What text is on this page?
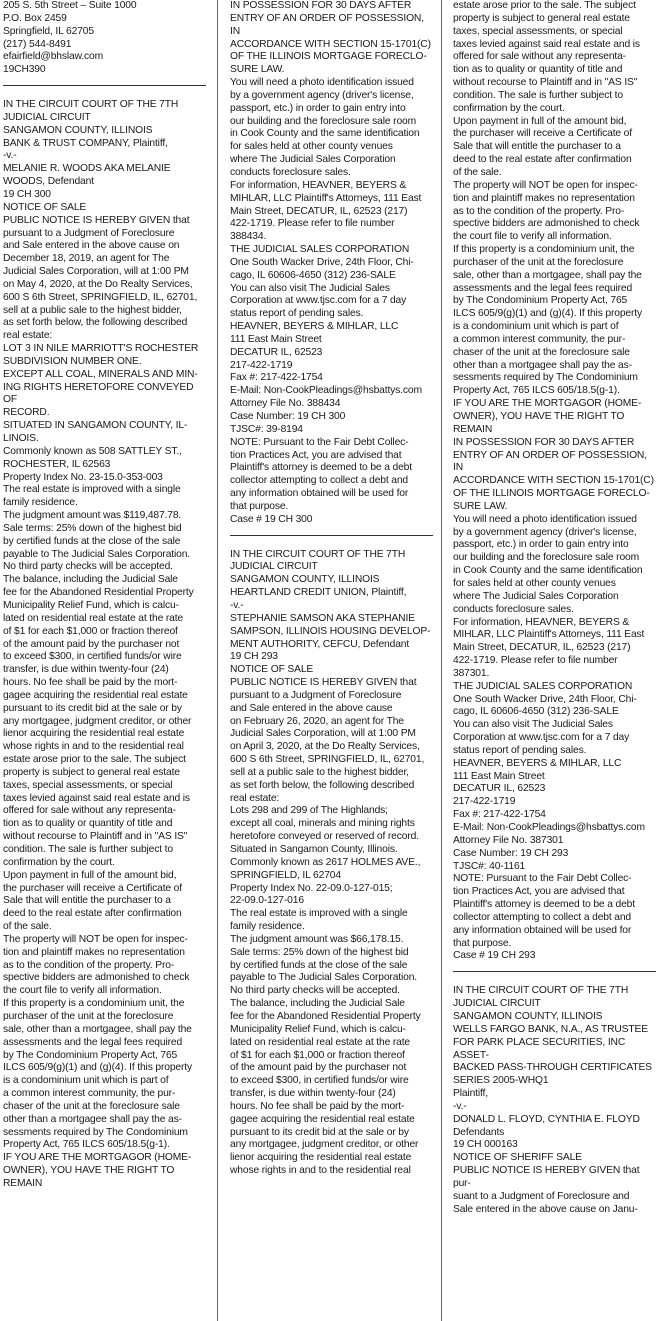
205 S. 5th Street – Suite 1000

P.O. Box 2459

Springfield, IL 62705

(217) 544-8491

efairfield@bhslaw.com

19CH390

IN THE CIRCUIT COURT OF THE 7TH

JUDICIAL CIRCUIT

SANGAMON COUNTY, ILLINOIS

BANK & TRUST COMPANY, Plaintiff,

-v.-

MELANIE R. WOODS AKA MELANIE

WOODS, Defendant

19 CH 300

NOTICE OF SALE

PUBLIC NOTICE IS HEREBY GIVEN that

pursuant to a Judgment of Foreclosure

and Sale entered in the above cause on

December 18, 2019, an agent for The

Judicial Sales Corporation, will at 1:00 PM

on May 4, 2020, at the Do Realty Services,

600 S 6th Street, SPRINGFIELD, IL, 62701,

sell at a public sale to the highest bidder,

as set forth below, the following described

real estate:

LOT 3 IN NILE MARRIOTT'S ROCHESTER

SUBDIVISION NUMBER ONE.

EXCEPT ALL COAL, MINERALS AND MIN-

ING RIGHTS HERETOFORE CONVEYED OF

RECORD.

SITUATED IN SANGAMON COUNTY, IL-

LINOIS.

Commonly known as 508 SATTLEY ST.,

ROCHESTER, IL 62563

Property Index No. 23-15.0-353-003

The real estate is improved with a single

family residence.

The judgment amount was $119,487.78.

Sale terms: 25% down of the highest bid

by certified funds at the close of the sale

payable to The Judicial Sales Corporation.

No third party checks will be accepted.

The balance, including the Judicial Sale

fee for the Abandoned Residential Property

Municipality Relief Fund, which is calcu-

lated on residential real estate at the rate

of $1 for each $1,000 or fraction thereof

of the amount paid by the purchaser not

to exceed $300, in certified funds/or wire

transfer, is due within twenty-four (24)

hours. No fee shall be paid by the mort-

gagee acquiring the residential real estate

pursuant to its credit bid at the sale or by

any mortgagee, judgment creditor, or other

lienor acquiring the residential real estate

whose rights in and to the residential real

estate arose prior to the sale. The subject

property is subject to general real estate

taxes, special assessments, or special

taxes levied against said real estate and is

offered for sale without any representa-

tion as to quality or quantity of title and

without recourse to Plaintiff and in "AS IS"

condition. The sale is further subject to

confirmation by the court.

Upon payment in full of the amount bid,

the purchaser will receive a Certificate of

Sale that will entitle the purchaser to a

deed to the real estate after confirmation

of the sale.

The property will NOT be open for inspec-

tion and plaintiff makes no representation

as to the condition of the property. Pro-

spective bidders are admonished to check

the court file to verify all information.

If this property is a condominium unit, the

purchaser of the unit at the foreclosure

sale, other than a mortgagee, shall pay the

assessments and the legal fees required

by The Condominium Property Act, 765

ILCS 605/9(g)(1) and (g)(4). If this property

is a condominium unit which is part of

a common interest community, the pur-

chaser of the unit at the foreclosure sale

other than a mortgagee shall pay the as-

sessments required by The Condominium

Property Act, 765 ILCS 605/18.5(g-1).

IF YOU ARE THE MORTGAGOR (HOME-

OWNER), YOU HAVE THE RIGHT TO REMAIN

IN POSSESSION FOR 30 DAYS AFTER

ENTRY OF AN ORDER OF POSSESSION, IN

ACCORDANCE WITH SECTION 15-1701(C)

OF THE ILLINOIS MORTGAGE FORECLO-

SURE LAW.

You will need a photo identification issued

by a government agency (driver's license,

passport, etc.) in order to gain entry into

our building and the foreclosure sale room

in Cook County and the same identification

for sales held at other county venues

where The Judicial Sales Corporation

conducts foreclosure sales.

For information, HEAVNER, BEYERS &

MIHLAR, LLC Plaintiff's Attorneys, 111 East

Main Street, DECATUR, IL, 62523 (217)

422-1719. Please refer to file number

388434.

THE JUDICIAL SALES CORPORATION

One South Wacker Drive, 24th Floor, Chi-

cago, IL 60606-4650 (312) 236-SALE

You can also visit The Judicial Sales

Corporation at www.tjsc.com for a 7 day

status report of pending sales.

HEAVNER, BEYERS & MIHLAR, LLC

111 East Main Street

DECATUR IL, 62523

217-422-1719

Fax #: 217-422-1754

E-Mail: Non-CookPleadings@hsbattys.com

Attorney File No. 388434

Case Number: 19 CH 300

TJSC#: 39-8194

NOTE: Pursuant to the Fair Debt Collec-

tion Practices Act, you are advised that

Plaintiff's attorney is deemed to be a debt

collector attempting to collect a debt and

any information obtained will be used for

that purpose.

Case # 19 CH 300

IN THE CIRCUIT COURT OF THE 7TH

JUDICIAL CIRCUIT

SANGAMON COUNTY, ILLINOIS

HEARTLAND CREDIT UNION, Plaintiff,

-v.-

STEPHANIE SAMSON AKA STEPHANIE

SAMPSON, ILLINOIS HOUSING DEVELOP-

MENT AUTHORITY, CEFCU, Defendant

19 CH 293

NOTICE OF SALE

PUBLIC NOTICE IS HEREBY GIVEN that

pursuant to a Judgment of Foreclosure

and Sale entered in the above cause

on February 26, 2020, an agent for The

Judicial Sales Corporation, will at 1:00 PM

on April 3, 2020, at the Do Realty Services,

600 S 6th Street, SPRINGFIELD, IL, 62701,

sell at a public sale to the highest bidder,

as set forth below, the following described

real estate:

Lots 298 and 299 of The Highlands;

except all coal, minerals and mining rights

heretofore conveyed or reserved of record.

Situated in Sangamon County, Illinois.

Commonly known as 2617 HOLMES AVE.,

SPRINGFIELD, IL 62704

Property Index No. 22-09.0-127-015;

22-09.0-127-016

The real estate is improved with a single

family residence.

The judgment amount was $66,178.15.

Sale terms: 25% down of the highest bid

by certified funds at the close of the sale

payable to The Judicial Sales Corporation.

No third party checks will be accepted.

The balance, including the Judicial Sale

fee for the Abandoned Residential Property

Municipality Relief Fund, which is calcu-

lated on residential real estate at the rate

of $1 for each $1,000 or fraction thereof

of the amount paid by the purchaser not

to exceed $300, in certified funds/or wire

transfer, is due within twenty-four (24)

hours. No fee shall be paid by the mort-

gagee acquiring the residential real estate

pursuant to its credit bid at the sale or by

any mortgagee, judgment creditor, or other

lienor acquiring the residential real estate

whose rights in and to the residential real

estate arose prior to the sale. The subject

property is subject to general real estate

taxes, special assessments, or special

taxes levied against said real estate and is

offered for sale without any representa-

tion as to quality or quantity of title and

without recourse to Plaintiff and in "AS IS"

condition. The sale is further subject to

confirmation by the court.

Upon payment in full of the amount bid,

the purchaser will receive a Certificate of

Sale that will entitle the purchaser to a

deed to the real estate after confirmation

of the sale.

The property will NOT be open for inspec-

tion and plaintiff makes no representation

as to the condition of the property. Pro-

spective bidders are admonished to check

the court file to verify all information.

If this property is a condominium unit, the

purchaser of the unit at the foreclosure

sale, other than a mortgagee, shall pay the

assessments and the legal fees required

by The Condominium Property Act, 765

ILCS 605/9(g)(1) and (g)(4). If this property

is a condominium unit which is part of

a common interest community, the pur-

chaser of the unit at the foreclosure sale

other than a mortgagee shall pay the as-

sessments required by The Condominium

Property Act, 765 ILCS 605/18.5(g-1).

IF YOU ARE THE MORTGAGOR (HOME-

OWNER), YOU HAVE THE RIGHT TO REMAIN

IN POSSESSION FOR 30 DAYS AFTER

ENTRY OF AN ORDER OF POSSESSION, IN

ACCORDANCE WITH SECTION 15-1701(C)

OF THE ILLINOIS MORTGAGE FORECLO-

SURE LAW.

You will need a photo identification issued

by a government agency (driver's license,

passport, etc.) in order to gain entry into

our building and the foreclosure sale room

in Cook County and the same identification

for sales held at other county venues

where The Judicial Sales Corporation

conducts foreclosure sales.

For information, HEAVNER, BEYERS &

MIHLAR, LLC Plaintiff's Attorneys, 111 East

Main Street, DECATUR, IL, 62523 (217)

422-1719. Please refer to file number

387301.

THE JUDICIAL SALES CORPORATION

One South Wacker Drive, 24th Floor, Chi-

cago, IL 60606-4650 (312) 236-SALE

You can also visit The Judicial Sales

Corporation at www.tjsc.com for a 7 day

status report of pending sales.

HEAVNER, BEYERS & MIHLAR, LLC

111 East Main Street

DECATUR IL, 62523

217-422-1719

Fax #: 217-422-1754

E-Mail: Non-CookPleadings@hsbattys.com

Attorney File No. 387301

Case Number: 19 CH 293

TJSC#: 40-1161

NOTE: Pursuant to the Fair Debt Collec-

tion Practices Act, you are advised that

Plaintiff's attorney is deemed to be a debt

collector attempting to collect a debt and

any information obtained will be used for

that purpose.

Case # 19 CH 293

IN THE CIRCUIT COURT OF THE 7TH

JUDICIAL CIRCUIT

SANGAMON COUNTY, ILLINOIS

WELLS FARGO BANK, N.A., AS TRUSTEE

FOR PARK PLACE SECURITIES, INC ASSET-

BACKED PASS-THROUGH CERTIFICATES

SERIES 2005-WHQ1

Plaintiff,

-v.-

DONALD L. FLOYD, CYNTHIA E. FLOYD

Defendants

19 CH 000163

NOTICE OF SHERIFF SALE

PUBLIC NOTICE IS HEREBY GIVEN that pur-

suant to a Judgment of Foreclosure and

Sale entered in the above cause on Janu-
